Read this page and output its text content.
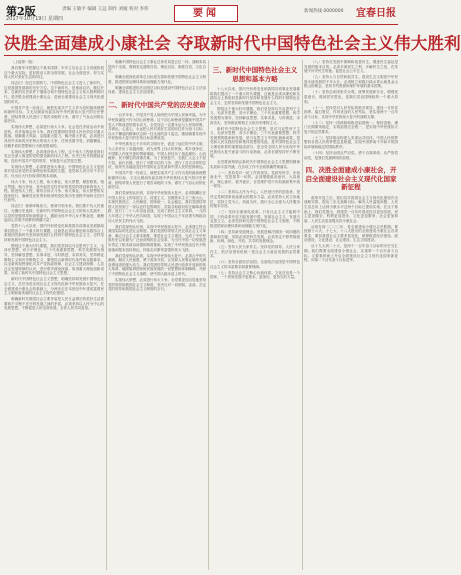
第2版
2017年10月19日 星期四
责编 王敏平 编辑 王远 制作 刘媛 校对 李伟	要闻	新闻热线 0000000 宜春日报
决胜全面建成小康社会 夺取新时代中国特色社会主义伟大胜利

（上接第一版）

我们要牢牢把握这个基本国情，牢牢立足社会主义初级阶段这个最大实际，更好推动人的全面发展、社会全面进步，努力实现人民对美好生活的向往。

同志们！经过长期努力，中国特色社会主义进入了新时代，这是我国发展新的历史方位。这个新时代，是承前启后、继往开来、在新的历史条件下继续夺取中国特色社会主义伟大胜利的时代，是决胜全面建成小康社会、进而全面建设社会主义现代化强国的时代。

中国共产党一经成立，就把实现共产主义作为党的最高理想和最终目标，义无反顾肩负起实现中华民族伟大复兴的历史使命，团结带领人民进行了艰苦卓绝的斗争，谱写了气吞山河的壮丽史诗。

实现伟大梦想，必须进行伟大斗争。社会是在矛盾运动中前进的，有矛盾就会有斗争。我们党要团结带领人民有效应对重大挑战、抵御重大风险、克服重大阻力、解决重大矛盾，必须进行具有许多新的历史特点的伟大斗争，任何贪图享受、消极懈怠、回避矛盾的思想和行为都是错误的。

实现伟大梦想，必须建设伟大工程。这个伟大工程就是我们党正在深入推进的党的建设新的伟大工程。历史已经并将继续证明，没有中国共产党的领导，民族复兴必然是空想。

实现伟大梦想，必须推进伟大事业。中国特色社会主义是改革开放以来党的全部理论和实践的主题，是党和人民历尽千辛万苦、付出巨大代价取得的根本成就。

伟大斗争，伟大工程，伟大事业，伟大梦想，紧密联系、相互贯通、相互作用，其中起决定性作用的是党的建设新的伟大工程。推进伟大工程，要结合伟大斗争、伟大事业、伟大梦想的实践来进行，确保党在世界形势深刻变化的历史进程中始终走在时代前列。

同志们！使命呼唤担当，使命引领未来。我们要不负人民重托、无愧历史选择，在新时代中国特色社会主义的伟大实践中，以党的坚强领导和顽强奋斗，激励全体中华儿女不断奋进，凝聚起同心共筑中国梦的磅礴力量！

党的十八大以来，国内外形势变化和我国各项事业发展都给我们提出了一个重大时代课题，这就是必须从理论和实践结合上系统回答新时代坚持和发展什么样的中国特色社会主义、怎样坚持和发展中国特色社会主义。

围绕这个重大时代课题，我们党坚持以马克思列宁主义、毛泽东思想、邓小平理论、三个代表重要思想、科学发展观为指导，坚持解放思想、实事求是、与时俱进、求真务实，坚持辩证唯物主义和历史唯物主义，紧密结合新的时代条件和实践要求，以全新的视野深化对共产党执政规律、社会主义建设规律、人类社会发展规律的认识，进行艰辛理论探索，取得重大理论创新成果，形成了新时代中国特色社会主义思想。

新时代中国特色社会主义思想，明确坚持和发展中国特色社会主义，总任务是实现社会主义现代化和中华民族伟大复兴，在全面建成小康社会的基础上，分两步走在本世纪中叶建成富强民主文明和谐美丽的社会主义现代化强国。

明确新时代我国社会主要矛盾是人民日益增长的美好生活需要和不平衡不充分的发展之间的矛盾，必须坚持以人民为中心的发展思想，不断促进人的全面发展、全体人民共同富裕。

明确中国特色社会主义事业总体布局是五位一体、战略布局是四个全面，强调坚定道路自信、理论自信、制度自信、文化自信。

明确全面深化改革总目标是完善和发展中国特色社会主义制度、推进国家治理体系和治理能力现代化。

明确全面推进依法治国总目标是建设中国特色社会主义法治体系、建设社会主义法治国家。

二、新时代中国共产党的历史使命

一百多年来，中国共产党人始终把为中国人民谋幸福、为中华民族谋复兴作为初心和使命。这个初心和使命是激励中国共产党人不断前进的根本动力。全党同志一定要永远与人民同呼吸、共命运、心连心，永远把人民对美好生活的向往作为奋斗目标，以永不懈怠的精神状态和一往无前的奋斗姿态，继续朝着实现中华民族伟大复兴的宏伟目标奋勇前进。

中华民族有五千多年的文明历史，创造了灿烂的中华文明，为人类作出了卓越贡献，成为世界上伟大的民族。鸦片战争后，中国陷入内忧外患的黑暗境地，中国人民经历了战乱频仍、山河破碎、民不聊生的深重苦难。为了民族复兴，无数仁人志士不屈不挠、前仆后继，进行了可歌可泣的斗争，进行了各式各样的尝试，但终究未能改变旧中国的社会性质和中国人民的悲惨命运。

中国共产党一经成立，就把实现共产主义作为党的最高理想和最终目标，义无反顾肩负起实现中华民族伟大复兴的历史使命，团结带领人民进行了艰苦卓绝的斗争，谱写了气吞山河的壮丽史诗。

我们党深刻认识到，实现中华民族伟大复兴，必须推翻压在中国人民头上的帝国主义、封建主义、官僚资本主义三座大山，实现民族独立、人民解放、国家统一、社会稳定。我们党团结带领人民找到了一条以农村包围城市、武装夺取政权的正确革命道路，进行了二十八年浴血奋战，完成了新民主主义革命，一九四九年建立了中华人民共和国，实现了中国从几千年封建专制政治向人民民主的伟大飞跃。

我们党深刻认识到，实现中华民族伟大复兴，必须建立符合我国实际的先进社会制度。我们党团结带领人民完成社会主义革命，确立社会主义基本制度，推进社会主义建设，完成了中华民族有史以来最为广泛而深刻的社会变革，为当代中国一切发展进步奠定了根本政治前提和制度基础，实现了中华民族由近代不断衰落到根本扭转命运、持续走向繁荣富强的伟大飞跃。

我们党深刻认识到，实现中华民族伟大复兴，必须合乎时代潮流、顺应人民意愿，勇于改革开放，让党和人民事业始终充满奋勇前进的强大动力。我们党团结带领人民进行改革开放新的伟大革命，破除阻碍国家和民族发展的一切思想和体制障碍，开辟了中国特色社会主义道路，使中国大踏步赶上时代。

实现伟大梦想，必须进行伟大斗争。全党要更加自觉地坚持党的领导和我国社会主义制度，坚决反对一切削弱、歪曲、否定党的领导和我国社会主义制度的言行。

三、新时代中国特色社会主义思想和基本方略

十八大以来，国内外形势变化和我国各项事业发展都给我们提出了一个重大时代课题，这就是必须从理论和实践结合上系统回答新时代坚持和发展什么样的中国特色社会主义、怎样坚持和发展中国特色社会主义。

围绕这个重大时代课题，我们党坚持以马克思列宁主义、毛泽东思想、邓小平理论、三个代表重要思想、科学发展观为指导，坚持解放思想、实事求是、与时俱进、求真务实，坚持辩证唯物主义和历史唯物主义。

新时代中国特色社会主义思想，是对马克思列宁主义、毛泽东思想、邓小平理论、三个代表重要思想、科学发展观的继承和发展，是马克思主义中国化最新成果，是党和人民实践经验和集体智慧的结晶，是中国特色社会主义理论体系的重要组成部分，是全党全国人民为实现中华民族伟大复兴而奋斗的行动指南，必须长期坚持并不断发展。

全党要深刻领会新时代中国特色社会主义思想的精神实质和丰富内涵，在各项工作中全面准确贯彻落实。

（一）坚持党对一切工作的领导。党政军民学，东西南北中，党是领导一切的。必须增强政治意识、大局意识、核心意识、看齐意识，自觉维护党中央权威和集中统一领导。

（二）坚持以人民为中心。人民是历史的创造者，是决定党和国家前途命运的根本力量。必须坚持人民主体地位，坚持立党为公、执政为民，践行全心全意为人民服务的根本宗旨。

（三）坚持全面深化改革。只有社会主义才能救中国，只有改革开放才能发展中国、发展社会主义、发展马克思主义。必须坚持和完善中国特色社会主义制度，不断推进国家治理体系和治理能力现代化。

（四）坚持新发展理念。发展是解决我国一切问题的基础和关键，发展必须是科学发展，必须坚定不移贯彻创新、协调、绿色、开放、共享的发展理念。

（五）坚持人民当家作主。坚持党的领导、人民当家作主、依法治国有机统一是社会主义政治发展的必然要求。

（六）坚持全面依法治国。全面依法治国是中国特色社会主义的本质要求和重要保障。

（七）坚持社会主义核心价值体系。文化自信是一个国家、一个民族发展中更基本、更深沉、更持久的力量。

（八）坚持在发展中保障和改善民生。增进民生福祉是发展的根本目的。必须多谋民生之利、多解民生之忧，在发展中补齐民生短板、促进社会公平正义。

（九）坚持人与自然和谐共生。建设生态文明是中华民族永续发展的千年大计。必须树立和践行绿水青山就是金山银山的理念，坚持节约资源和保护环境的基本国策。

（十）坚持总体国家安全观。统筹发展和安全，增强忧患意识，做到居安思危，是我们党治国理政的一个重大原则。

（十一）坚持党对人民军队的绝对领导。建设一支听党指挥、能打胜仗、作风优良的人民军队，是实现两个一百年奋斗目标、实现中华民族伟大复兴的战略支撑。

（十二）坚持一国两制和推进祖国统一。保持香港、澳门长期繁荣稳定，实现祖国完全统一，是实现中华民族伟大复兴的必然要求。

（十三）坚持推动构建人类命运共同体。中国人民的梦想同各国人民的梦想息息相通，实现中国梦离不开和平的国际环境和稳定的国际秩序。

（十四）坚持全面从严治党。勇于自我革命，从严管党治党，是我们党最鲜明的品格。

四、决胜全面建成小康社会，开启全面建设社会主义现代化国家新征程

改革开放之后，我们党对我国社会主义现代化建设作出战略安排，提出三步走战略目标。解决人民温饱问题、人民生活总体上达到小康水平这两个目标已提前实现。在这个基础上，我们党提出，到建党一百年时建成经济更加发展、民主更加健全、科教更加进步、文化更加繁荣、社会更加和谐、人民生活更加殷实的小康社会。

从现在到二〇二〇年，是全面建成小康社会决胜期。要按照十六大、十七大、十八大提出的全面建成小康社会各项要求，紧扣我国社会主要矛盾变化，统筹推进经济建设、政治建设、文化建设、社会建设、生态文明建设。

从十九大到二十大，是两个一百年奋斗目标的历史交汇期。我们既要全面建成小康社会、实现第一个百年奋斗目标，又要乘势而上开启全面建设社会主义现代化国家新征程，向第二个百年奋斗目标进军。
